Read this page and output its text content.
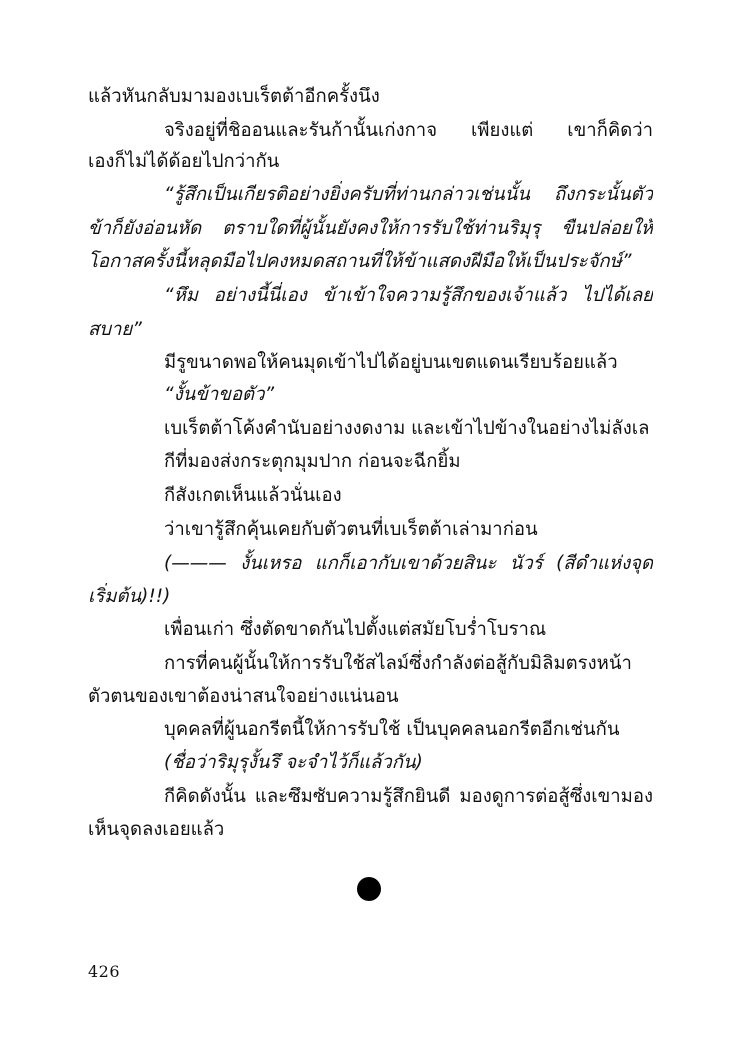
แล้วหันกลับมามองเบเร็ตต้าอีกครั้งนึง
จริงอยู่ที่ชิออนและรันก้านั้นเก่งกาจ เพียงแต่ เขาก็คิดว่า
เองก็ไม่ได้ด้อยไปกว่ากัน
“รู้สึกเป็นเกียรติอย่างยิ่งครับที่ท่านกล่าวเช่นนั้น ถึงกระนั้นตัว
ข้าก็ยังอ่อนหัด ตราบใดที่ผู้นั้นยังคงให้การรับใช้ท่านริมุรุ ขืนปล่อยให้
โอกาสครั้งนี้หลุดมือไปคงหมดสถานที่ให้ข้าแสดงฝีมือให้เป็นประจักษ์”
“หึม อย่างนี้นี่เอง ข้าเข้าใจความรู้สึกของเจ้าแล้ว ไปได้เลย
สบาย”
มีรูขนาดพอให้คนมุดเข้าไปได้อยู่บนเขตแดนเรียบร้อยแล้ว
“งั้นข้าขอตัว”
เบเร็ตต้าโค้งคำนับอย่างงดงาม และเข้าไปข้างในอย่างไม่ลังเล
กีที่มองส่งกระตุกมุมปาก ก่อนจะฉีกยิ้ม
กีสังเกตเห็นแล้วนั่นเอง
ว่าเขารู้สึกคุ้นเคยกับตัวตนที่เบเร็ตต้าเล่ามาก่อน
(——— งั้นเหรอ แกก็เอากับเขาด้วยสินะ นัวร์ (สีดำแห่งจุด
เริ่มต้น)!!)
เพื่อนเก่า ซึ่งตัดขาดกันไปตั้งแต่สมัยโบร่ำโบราณ
การที่คนผู้นั้นให้การรับใช้สไลม์ซึ่งกำลังต่อสู้กับมิลิมตรงหน้า
ตัวตนของเขาต้องน่าสนใจอย่างแน่นอน
บุคคลที่ผู้นอกรีตนี้ให้การรับใช้ เป็นบุคคลนอกรีตอีกเช่นกัน
(ชื่อว่าริมุรุงั้นรึ จะจำไว้ก็แล้วกัน)
กีคิดดังนั้น และซึมซับความรู้สึกยินดี มองดูการต่อสู้ซึ่งเขามอง
เห็นจุดลงเอยแล้ว
426
